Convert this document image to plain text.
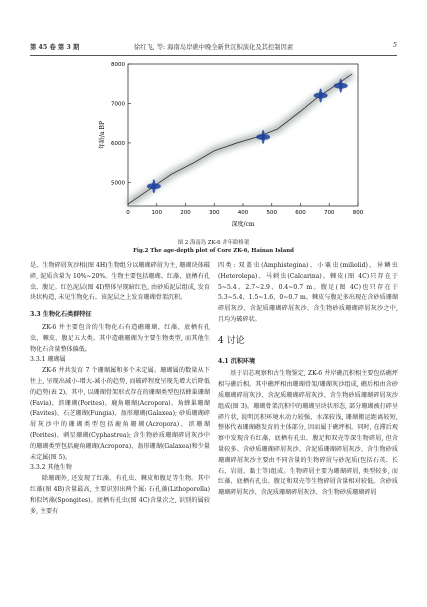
第 45 卷 第 3 期	徐红飞, 等: 海南岛岸礁中晚全新世沉积演化及其控制因素	5
0	100	200	300	400	500	600	700	800
5000
6000
7000
8000
深度/cm
年龄/a BP
图 2 海南岛 ZK-6 井年龄格架
Fig.2 The age-depth plot of Core ZK-6, Hainan Island

是、生物碎屑灰沙相(图 4H)生物组分以珊瑚碎屑为主, 珊瑚块体破碎, 泥质含量为 10%~20%。生物主要包括珊瑚、红藻、底栖有孔虫、腹足。红色泥层(图 4I)整体呈现暗红色, 由砂质泥层组成, 发育块状构造, 未见生物化石。该泥层之上发育珊瑚骨架沉积。

3.3 生物化石类群特征

ZK-6 井主要包含的生物化石有造礁珊瑚、红藻、底栖有孔虫、棘皮、腹足五大类。其中造礁珊瑚为主要生物类型, 而其他生物化石含量整体偏低。

3.3.1 珊瑚属

ZK-6 井共发育 7 个珊瑚属和多个未定属。珊瑚属的数量从下往上, 呈现出减小-增大-减小的趋势, 而破碎程度呈现先增大后降低的趋势(表 2)。其中, 以珊瑚骨架形式存在的珊瑚类型包括蜂巢珊瑚(Favia)、滨珊瑚(Porites)、鹿角珊瑚(Acropora)、角蜂巢珊瑚(Favites)、石芝珊瑚(Fungia)、盔形珊瑚(Galaxea); 砂质珊瑚碎屑灰沙中的珊瑚类型包括鹿角珊瑚(Acropora)、滨珊瑚(Porites)、刺星珊瑚(Cyphastrea); 含生物砂质珊瑚碎屑灰沙中的珊瑚类型包括鹿角珊瑚(Acropora)、盔形珊瑚(Galaxea)和少量未定属(图 5)。

3.3.2 其他生物

除珊瑚外, 还发现了红藻、有孔虫、棘皮和腹足等生物。其中红藻(图 4B)含量最高, 主要识别出两个属: 石孔藻(Lithoporella)和似钙藻(Spongites)。底栖有孔虫(图 4C)含量次之, 识别的属较多, 主要有

四类: 双盖虫(Amphistegina)、小粟虫(miliolid)、异鳞虫(Heterolepa)、马刺虫(Calcarina)。棘皮(图 4C)只存在于 5~5.4、2.7~2.9、0.4~0.7 m。腹足(图 4C)也只存在于 5.3~5.4、1.5~1.6、0~0.7 m。棘皮与腹足多出现在含砂质珊瑚碎屑灰沙、含泥质珊瑚碎屑灰沙、含生物砂质珊瑚碎屑灰沙之中, 且均为破碎状。

4 讨论
4.1 沉积环境

基于岩芯观察和古生物鉴定, ZK-6 井岸礁沉积相主要包括礁坪相与礁后相。其中礁坪相由珊瑚骨架/珊瑚灰沙组成, 礁后相由含砂质珊瑚碎屑灰沙、含泥质珊瑚碎屑灰沙、含生物砂质珊瑚碎屑灰沙组成(图 3)。珊瑚骨架沉积中的珊瑚呈块状形态, 部分珊瑚被打碎呈碎片状, 说明沉积环境水动力较强、水深较浅, 珊瑚搬运距离较短, 整体代表珊瑚礁发育的主体部分, 因而属于礁坪相。同时, 在滞后观察中发现含有红藻、底栖有孔虫、腹足和双壳等深生物碎屑, 但含量较多。含砂质珊瑚碎屑灰沙、含泥质珊瑚碎屑灰沙、含生物砂质珊瑚碎屑灰沙主要由不同含量的生物碎屑与砂泥质(包括石英、长石、岩屑、黏土等)组成。生物碎屑主要为珊瑚碎屑, 类型较多, 而红藻、底栖有孔虫、腹足和双壳等生物碎屑含量相对较低。含砂质珊瑚碎屑灰沙、含泥质珊瑚碎屑灰沙、含生物砂质珊瑚碎屑
